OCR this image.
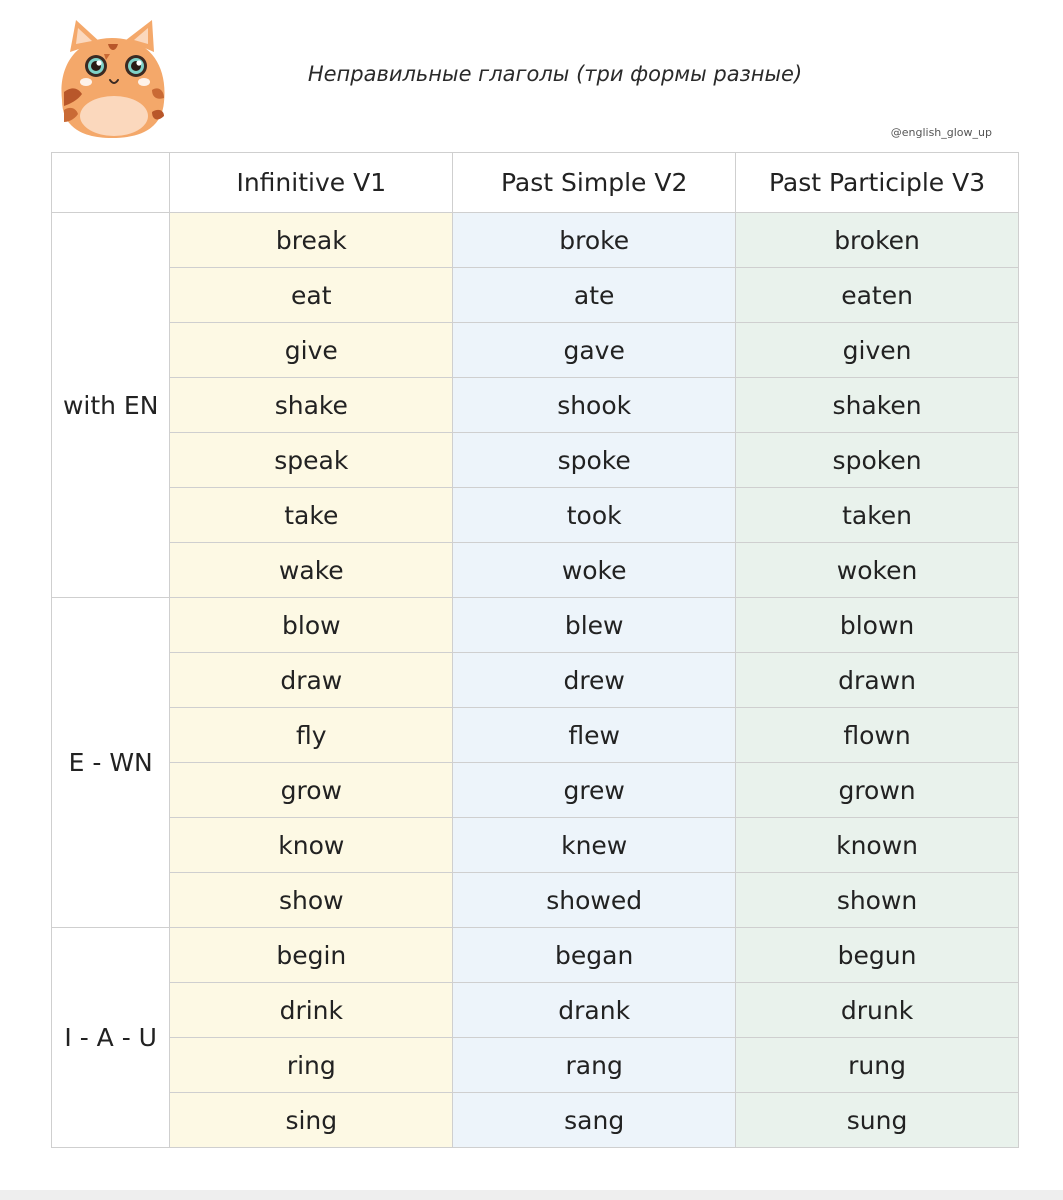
Неправильные глаголы (три формы разные)
@english_glow_up
	Infinitive V1	Past Simple V2	Past Participle V3
with EN	break	broke	broken
	eat	ate	eaten
	give	gave	given
	shake	shook	shaken
	speak	spoke	spoken
	take	took	taken
	wake	woke	woken
E - WN	blow	blew	blown
	draw	drew	drawn
	fly	flew	flown
	grow	grew	grown
	know	knew	known
	show	showed	shown
I - A - U	begin	began	begun
	drink	drank	drunk
	ring	rang	rung
	sing	sang	sung
